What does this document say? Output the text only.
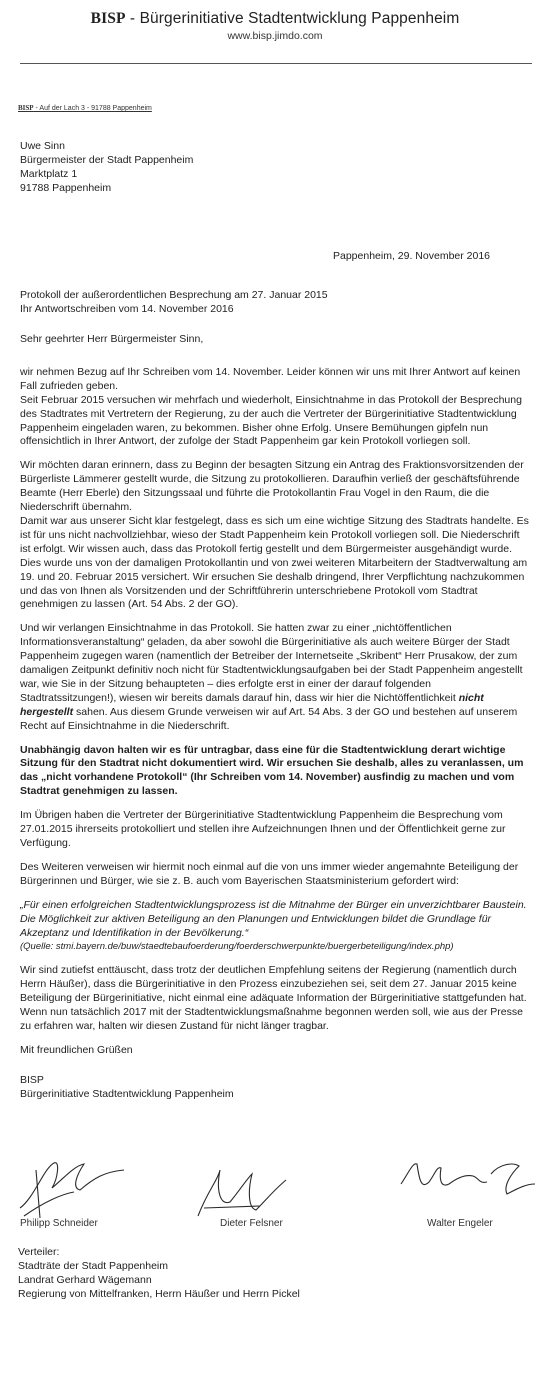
BISP - Bürgerinitiative Stadtentwicklung Pappenheim
www.bisp.jimdo.com
BISP - Auf der Lach 3 - 91788 Pappenheim
Uwe Sinn
Bürgermeister der Stadt Pappenheim
Marktplatz 1
91788 Pappenheim
Pappenheim, 29. November 2016
Protokoll der außerordentlichen Besprechung am 27. Januar 2015
Ihr Antwortschreiben vom 14. November 2016

Sehr geehrter Herr Bürgermeister Sinn,

wir nehmen Bezug auf Ihr Schreiben vom 14. November. Leider können wir uns mit Ihrer Antwort auf keinen Fall zufrieden geben.
Seit Februar 2015 versuchen wir mehrfach und wiederholt, Einsichtnahme in das Protokoll der Besprechung des Stadtrates mit Vertretern der Regierung, zu der auch die Vertreter der Bürgerinitiative Stadtentwicklung Pappenheim eingeladen waren, zu bekommen. Bisher ohne Erfolg. Unsere Bemühungen gipfeln nun offensichtlich in Ihrer Antwort, der zufolge der Stadt Pappenheim gar kein Protokoll vorliegen soll.

Wir möchten daran erinnern, dass zu Beginn der besagten Sitzung ein Antrag des Fraktionsvorsitzenden der Bürgerliste Lämmerer gestellt wurde, die Sitzung zu protokollieren. Daraufhin verließ der geschäftsführende Beamte (Herr Eberle) den Sitzungssaal und führte die Protokollantin Frau Vogel in den Raum, die die Niederschrift übernahm.
Damit war aus unserer Sicht klar festgelegt, dass es sich um eine wichtige Sitzung des Stadtrats handelte. Es ist für uns nicht nachvollziehbar, wieso der Stadt Pappenheim kein Protokoll vorliegen soll. Die Niederschrift ist erfolgt. Wir wissen auch, dass das Protokoll fertig gestellt und dem Bürgermeister ausgehändigt wurde. Dies wurde uns von der damaligen Protokollantin und von zwei weiteren Mitarbeitern der Stadtverwaltung am 19. und 20. Februar 2015 versichert. Wir ersuchen Sie deshalb dringend, Ihrer Verpflichtung nachzukommen und das von Ihnen als Vorsitzenden und der Schriftführerin unterschriebene Protokoll vom Stadtrat genehmigen zu lassen (Art. 54 Abs. 2 der GO).

Und wir verlangen Einsichtnahme in das Protokoll. Sie hatten zwar zu einer „nichtöffentlichen Informationsveranstaltung“ geladen, da aber sowohl die Bürgerinitiative als auch weitere Bürger der Stadt Pappenheim zugegen waren (namentlich der Betreiber der Internetseite „Skribent“ Herr Prusakow, der zum damaligen Zeitpunkt definitiv noch nicht für Stadtentwicklungsaufgaben bei der Stadt Pappenheim angestellt war, wie Sie in der Sitzung behaupteten – dies erfolgte erst in einer der darauf folgenden Stadtratssitzungen!), wiesen wir bereits damals darauf hin, dass wir hier die Nichtöffentlichkeit nicht hergestellt sahen. Aus diesem Grunde verweisen wir auf Art. 54 Abs. 3 der GO und bestehen auf unserem Recht auf Einsichtnahme in die Niederschrift.

Unabhängig davon halten wir es für untragbar, dass eine für die Stadtentwicklung derart wichtige Sitzung für den Stadtrat nicht dokumentiert wird. Wir ersuchen Sie deshalb, alles zu veranlassen, um das „nicht vorhandene Protokoll“ (Ihr Schreiben vom 14. November) ausfindig zu machen und vom Stadtrat genehmigen zu lassen.

Im Übrigen haben die Vertreter der Bürgerinitiative Stadtentwicklung Pappenheim die Besprechung vom 27.01.2015 ihrerseits protokolliert und stellen ihre Aufzeichnungen Ihnen und der Öffentlichkeit gerne zur Verfügung.

Des Weiteren verweisen wir hiermit noch einmal auf die von uns immer wieder angemahnte Beteiligung der Bürgerinnen und Bürger, wie sie z. B. auch vom Bayerischen Staatsministerium gefordert wird:

„Für einen erfolgreichen Stadtentwicklungsprozess ist die Mitnahme der Bürger ein unverzichtbarer Baustein. Die Möglichkeit zur aktiven Beteiligung an den Planungen und Entwicklungen bildet die Grundlage für Akzeptanz und Identifikation in der Bevölkerung.“
(Quelle: stmi.bayern.de/buw/staedtebaufoerderung/foerderschwerpunkte/buergerbeteiligung/index.php)

Wir sind zutiefst enttäuscht, dass trotz der deutlichen Empfehlung seitens der Regierung (namentlich durch Herrn Häußer), dass die Bürgerinitiative in den Prozess einzubeziehen sei, seit dem 27. Januar 2015 keine Beteiligung der Bürgerinitiative, nicht einmal eine adäquate Information der Bürgerinitiative stattgefunden hat. Wenn nun tatsächlich 2017 mit der Stadtentwicklungsmaßnahme begonnen werden soll, wie aus der Presse zu erfahren war, halten wir diesen Zustand für nicht länger tragbar.

Mit freundlichen Grüßen

BISP
Bürgerinitiative Stadtentwicklung Pappenheim

Philipp Schneider	Dieter Felsner	Walter Engeler
Verteiler:
Stadträte der Stadt Pappenheim
Landrat Gerhard Wägemann
Regierung von Mittelfranken, Herrn Häußer und Herrn Pickel
